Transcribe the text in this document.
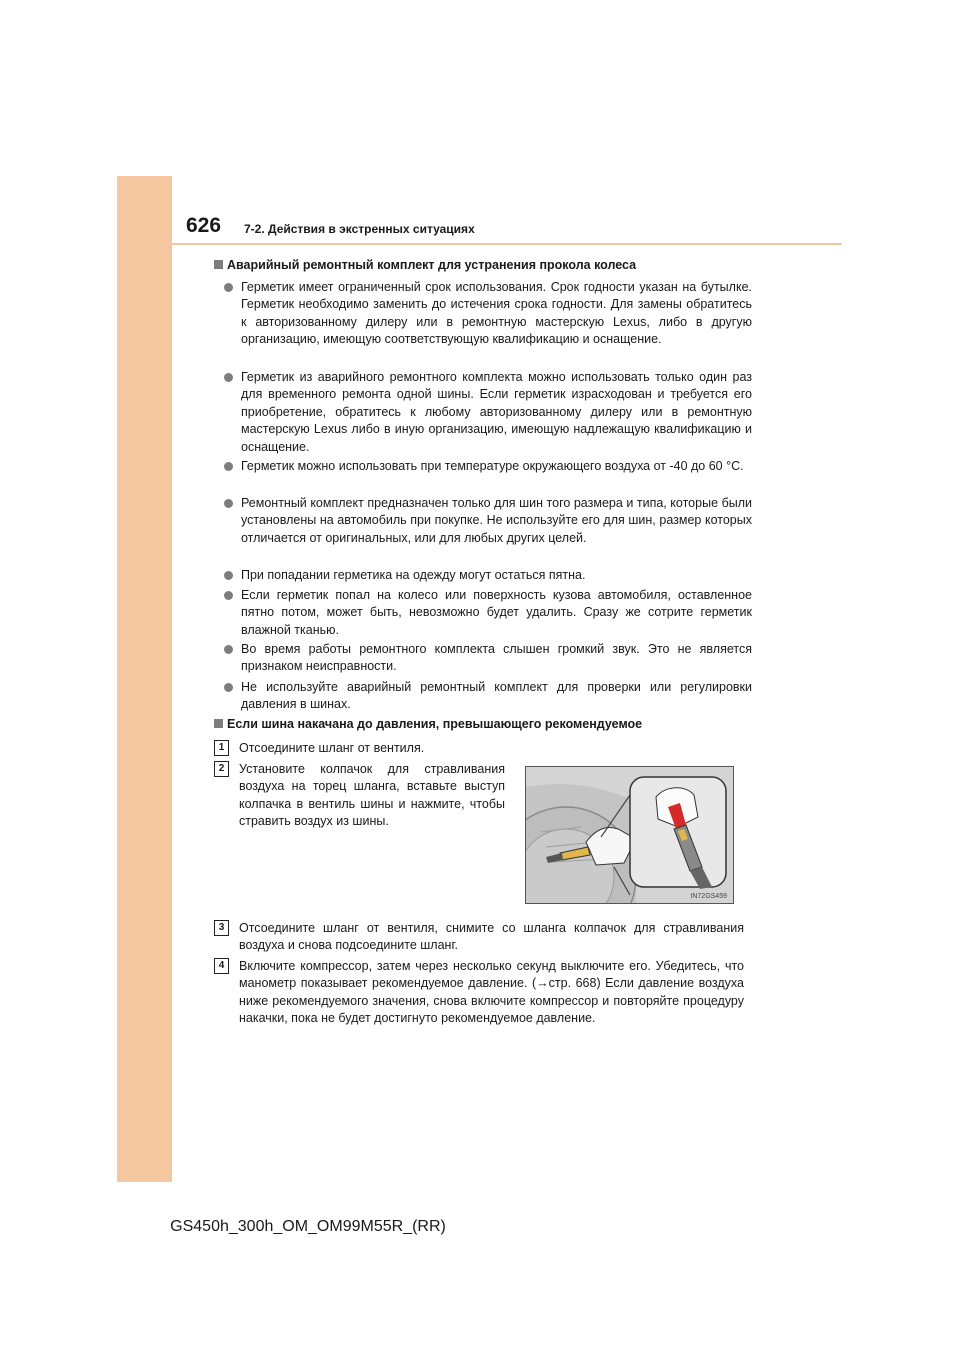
626 7-2. Действия в экстренных ситуациях
Аварийный ремонтный комплект для устранения прокола колеса
Герметик имеет ограниченный срок использования. Срок годности указан на бутылке. Герметик необходимо заменить до истечения срока годности. Для замены обратитесь к авторизованному дилеру или в ремонтную мастерскую Lexus, либо в другую организацию, имеющую соответствующую квалификацию и оснащение.
Герметик из аварийного ремонтного комплекта можно использовать только один раз для временного ремонта одной шины. Если герметик израсходован и требуется его приобретение, обратитесь к любому авторизованному дилеру или в ремонтную мастерскую Lexus либо в иную организацию, имеющую надлежащую квалификацию и оснащение.
Герметик можно использовать при температуре окружающего воздуха от -40 до 60 °C.
Ремонтный комплект предназначен только для шин того размера и типа, которые были установлены на автомобиль при покупке. Не используйте его для шин, размер которых отличается от оригинальных, или для любых других целей.
При попадании герметика на одежду могут остаться пятна.
Если герметик попал на колесо или поверхность кузова автомобиля, оставленное пятно потом, может быть, невозможно будет удалить. Сразу же сотрите герметик влажной тканью.
Во время работы ремонтного комплекта слышен громкий звук. Это не является признаком неисправности.
Не используйте аварийный ремонтный комплект для проверки или регулировки давления в шинах.
Если шина накачана до давления, превышающего рекомендуемое
1	Отсоедините шланг от вентиля.
2	Установите колпачок для стравливания воздуха на торец шланга, вставьте выступ колпачка в вентиль шины и нажмите, чтобы стравить воздух из шины.
IN72GS459
3	Отсоедините шланг от вентиля, снимите со шланга колпачок для стравливания воздуха и снова подсоедините шланг.
4	Включите компрессор, затем через несколько секунд выключите его. Убедитесь, что манометр показывает рекомендуемое давление. (→стр. 668) Если давление воздуха ниже рекомендуемого значения, снова включите компрессор и повторяйте процедуру накачки, пока не будет достигнуто рекомендуемое давление.
GS450h_300h_OM_OM99M55R_(RR)
